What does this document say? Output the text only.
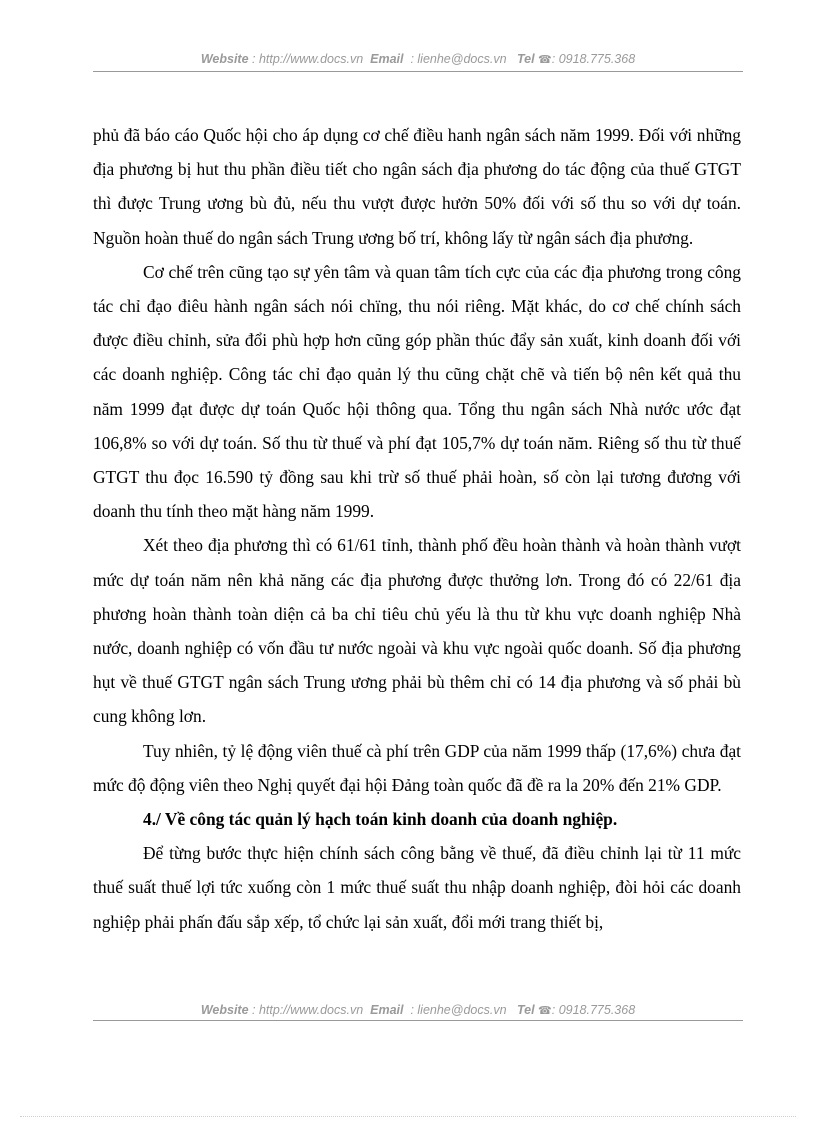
Website : http://www.docs.vn Email : lienhe@docs.vn Tel ☎: 0918.775.368

phủ đã báo cáo Quốc hội cho áp dụng cơ chế điều hanh ngân sách năm 1999. Đối với những địa phương bị hut thu phần điều tiết cho ngân sách địa phương do tác động của thuế GTGT thì được Trung ương bù đủ, nếu thu vượt được hưởn 50% đối với số thu so với dự toán. Nguồn hoàn thuế do ngân sách Trung ương bố trí, không lấy từ ngân sách địa phương.

Cơ chế trên cũng tạo sự yên tâm và quan tâm tích cực của các địa phương trong công tác chỉ đạo điêu hành ngân sách nói chïng, thu nói riêng. Mặt khác, do cơ chế chính sách được điều chỉnh, sửa đổi phù hợp hơn cũng góp phần thúc đẩy sản xuất, kinh doanh đối với các doanh nghiệp. Công tác chỉ đạo quản lý thu cũng chặt chẽ và tiến bộ nên kết quả thu năm 1999 đạt được dự toán Quốc hội thông qua. Tổng thu ngân sách Nhà nước ước đạt 106,8% so với dự toán. Số thu từ thuế và phí đạt 105,7% dự toán năm. Riêng số thu từ thuế GTGT thu đọc 16.590 tỷ đồng sau khi trừ số thuế phải hoàn, số còn lại tương đương với doanh thu tính theo mặt hàng năm 1999.

Xét theo địa phương thì có 61/61 tỉnh, thành phố đều hoàn thành và hoàn thành vượt mức dự toán năm nên khả năng các địa phương được thưởng lơn. Trong đó có 22/61 địa phương hoàn thành toàn diện cả ba chỉ tiêu chủ yếu là thu từ khu vực doanh nghiệp Nhà nước, doanh nghiệp có vốn đầu tư nước ngoài và khu vực ngoài quốc doanh. Số địa phương hụt về thuế GTGT ngân sách Trung ương phải bù thêm chỉ có 14 địa phương và số phải bù cung không lơn.

Tuy nhiên, tỷ lệ động viên thuế cà phí trên GDP của năm 1999 thấp (17,6%) chưa đạt mức độ động viên theo Nghị quyết đại hội Đảng toàn quốc đã đề ra la 20% đến 21% GDP.

4./ Về công tác quản lý hạch toán kinh doanh của doanh nghiệp.

Để từng bước thực hiện chính sách công bằng về thuế, đã điều chỉnh lại từ 11 mức thuế suất thuế lợi tức xuống còn 1 mức thuế suất thu nhập doanh nghiệp, đòi hỏi các doanh nghiệp phải phấn đấu sắp xếp, tổ chức lại sản xuất, đổi mới trang thiết bị,

Website : http://www.docs.vn Email : lienhe@docs.vn Tel ☎: 0918.775.368
